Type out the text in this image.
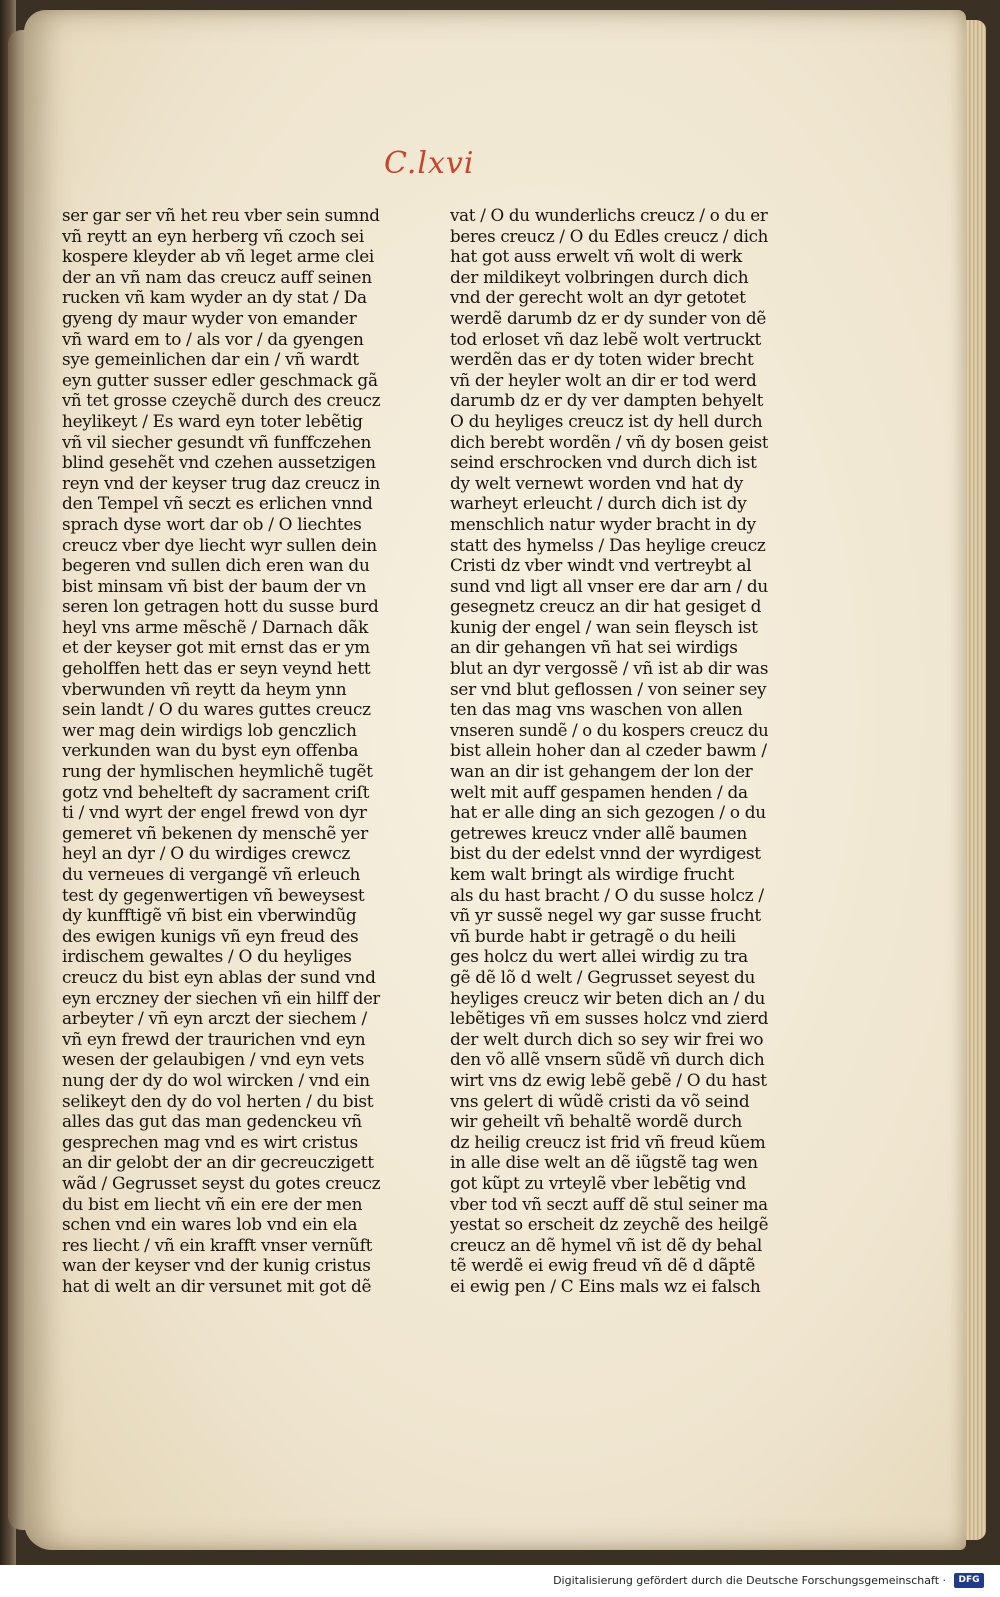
C.lxvi
ser gar ser vñ het reu vber sein sumnd
vñ reytt an eyn herberg vñ czoch sei
kospere kleyder ab vñ leget arme clei
der an vñ nam das creucz auff seinen
rucken vñ kam wyder an dy stat / Da
gyeng dy maur wyder von emander
vñ ward em to / als vor / da gyengen
sye gemeinlichen dar ein / vñ wardt
eyn gutter susser edler geschmack gã
vñ tet grosse czeychẽ durch des creucz
heylikeyt / Es ward eyn toter lebẽtig
vñ vil siecher gesundt vñ funffczehen
blind gesehẽt vnd czehen aussetzigen
reyn vnd der keyser trug daz creucz in
den Tempel vñ seczt es erlichen vnnd
sprach dyse wort dar ob / O liechtes
creucz vber dye liecht wyr sullen dein
begeren vnd sullen dich eren wan du
bist minsam vñ bist der baum der vn
seren lon getragen hott du susse burd
heyl vns arme mẽschẽ / Darnach dãk
et der keyser got mit ernst das er ym
geholffen hett das er seyn veynd hett
vberwunden vñ reytt da heym ynn
sein landt / O du wares guttes creucz
wer mag dein wirdigs lob genczlich
verkunden wan du byst eyn offenba
rung der hymlischen heymlichẽ tugẽt
gotz vnd behelteft dy sacrament criſt
ti / vnd wyrt der engel frewd von dyr
gemeret vñ bekenen dy menschẽ yer
heyl an dyr / O du wirdiges crewcz
du verneues di vergangẽ vñ erleuch
test dy gegenwertigen vñ beweysest
dy kunfftigẽ vñ bist ein vberwindũg
des ewigen kunigs vñ eyn freud des
irdischem gewaltes / O du heyliges
creucz du bist eyn ablas der sund vnd
eyn erczney der siechen vñ ein hilff der
arbeyter / vñ eyn arczt der siechem /
vñ eyn frewd der traurichen vnd eyn
wesen der gelaubigen / vnd eyn vets
nung der dy do wol wircken / vnd ein
selikeyt den dy do vol herten / du bist
alles das gut das man gedenckeu vñ
gesprechen mag vnd es wirt cristus
an dir gelobt der an dir gecreuczigett
wãd / Gegrusset seyst du gotes creucz
du bist em liecht vñ ein ere der men
schen vnd ein wares lob vnd ein ela
res liecht / vñ ein krafft vnser vernũft
wan der keyser vnd der kunig cristus
hat di welt an dir versunet mit got dẽ
vat / O du wunderlichs creucz / o du er
beres creucz / O du Edles creucz / dich
hat got auss erwelt vñ wolt di werk
der mildikeyt volbringen durch dich
vnd der gerecht wolt an dyr getotet
werdẽ darumb dz er dy sunder von dẽ
tod erloset vñ daz lebẽ wolt vertruckt
werdẽn das er dy toten wider brecht
vñ der heyler wolt an dir er tod werd
darumb dz er dy ver dampten behyelt
O du heyliges creucz ist dy hell durch
dich berebt wordẽn / vñ dy bosen geist
seind erschrocken vnd durch dich ist
dy welt vernewt worden vnd hat dy
warheyt erleucht / durch dich ist dy
menschlich natur wyder bracht in dy
statt des hymelss / Das heylige creucz
Cristi dz vber windt vnd vertreybt al
sund vnd ligt all vnser ere dar arn / du
gesegnetz creucz an dir hat gesiget d
kunig der engel / wan sein fleysch ist
an dir gehangen vñ hat sei wirdigs
blut an dyr vergossẽ / vñ ist ab dir was
ser vnd blut geflossen / von seiner sey
ten das mag vns waschen von allen
vnseren sundẽ / o du kospers creucz du
bist allein hoher dan al czeder bawm /
wan an dir ist gehangem der lon der
welt mit auff gespamen henden / da
hat er alle ding an sich gezogen / o du
getrewes kreucz vnder allẽ baumen
bist du der edelst vnnd der wyrdigest
kem walt bringt als wirdige frucht
als du hast bracht / O du susse holcz /
vñ yr sussẽ negel wy gar susse frucht
vñ burde habt ir getragẽ o du heili
ges holcz du wert allei wirdig zu tra
gẽ dẽ lõ d welt / Gegrusset seyest du
heyliges creucz wir beten dich an / du
lebẽtiges vñ em susses holcz vnd zierd
der welt durch dich so sey wir frei wo
den võ allẽ vnsern sũdẽ vñ durch dich
wirt vns dz ewig lebẽ gebẽ / O du hast
vns gelert di wũdẽ cristi da võ seind
wir geheilt vñ behaltẽ wordẽ durch
dz heilig creucz ist frid vñ freud kũem
in alle dise welt an dẽ iũgstẽ tag wen
got kũpt zu vrteylẽ vber lebẽtig vnd
vber tod vñ seczt auff dẽ stul seiner ma
yestat so erscheit dz zeychẽ des heilgẽ
creucz an dẽ hymel vñ ist dẽ dy behal
tẽ werdẽ ei ewig freud vñ dẽ d dãptẽ
ei ewig pen / C Eins mals wz ei falsch
Digitalisierung gefördert durch die Deutsche Forschungsgemeinschaft ·	DFG
